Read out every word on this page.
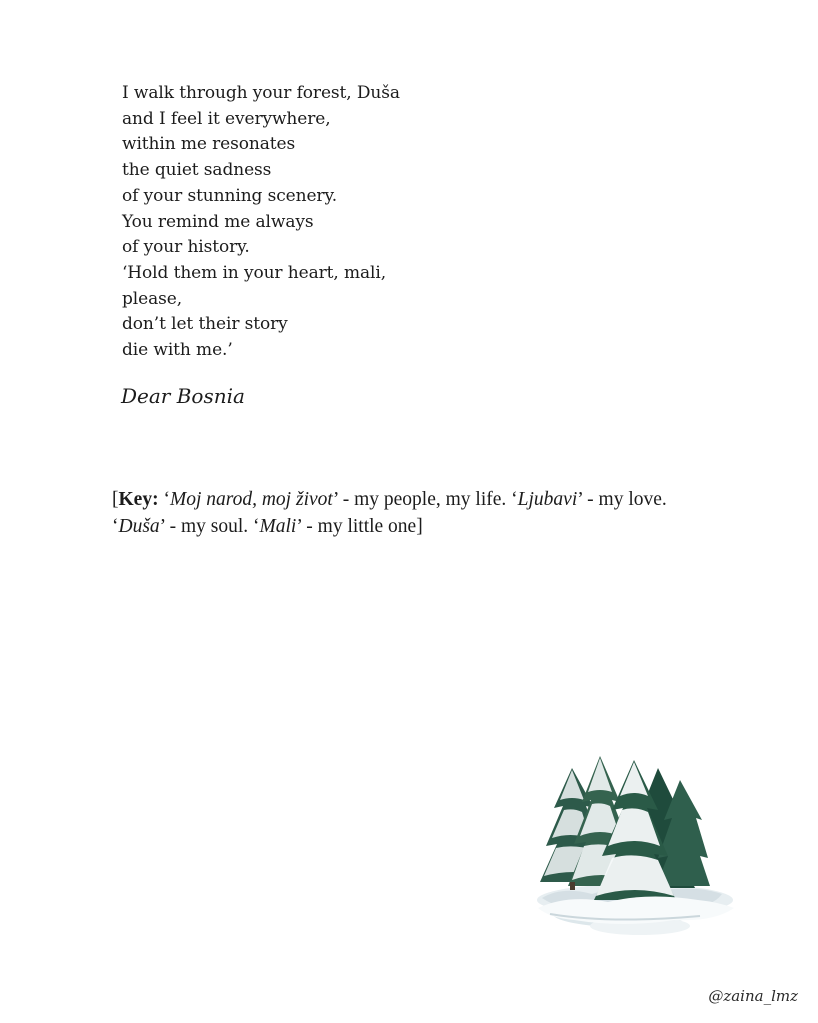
I walk through your forest, Duša
and I feel it everywhere,
within me resonates
the quiet sadness
of your stunning scenery.
You remind me always
of your history.
‘Hold them in your heart, mali,
please,
don’t let their story
die with me.’
Dear Bosnia
[Key: ‘Moj narod, moj život’ - my people, my life. ‘Ljubavi’ - my love.
‘Duša’ - my soul. ‘Mali’ - my little one]
@zaina_lmz
